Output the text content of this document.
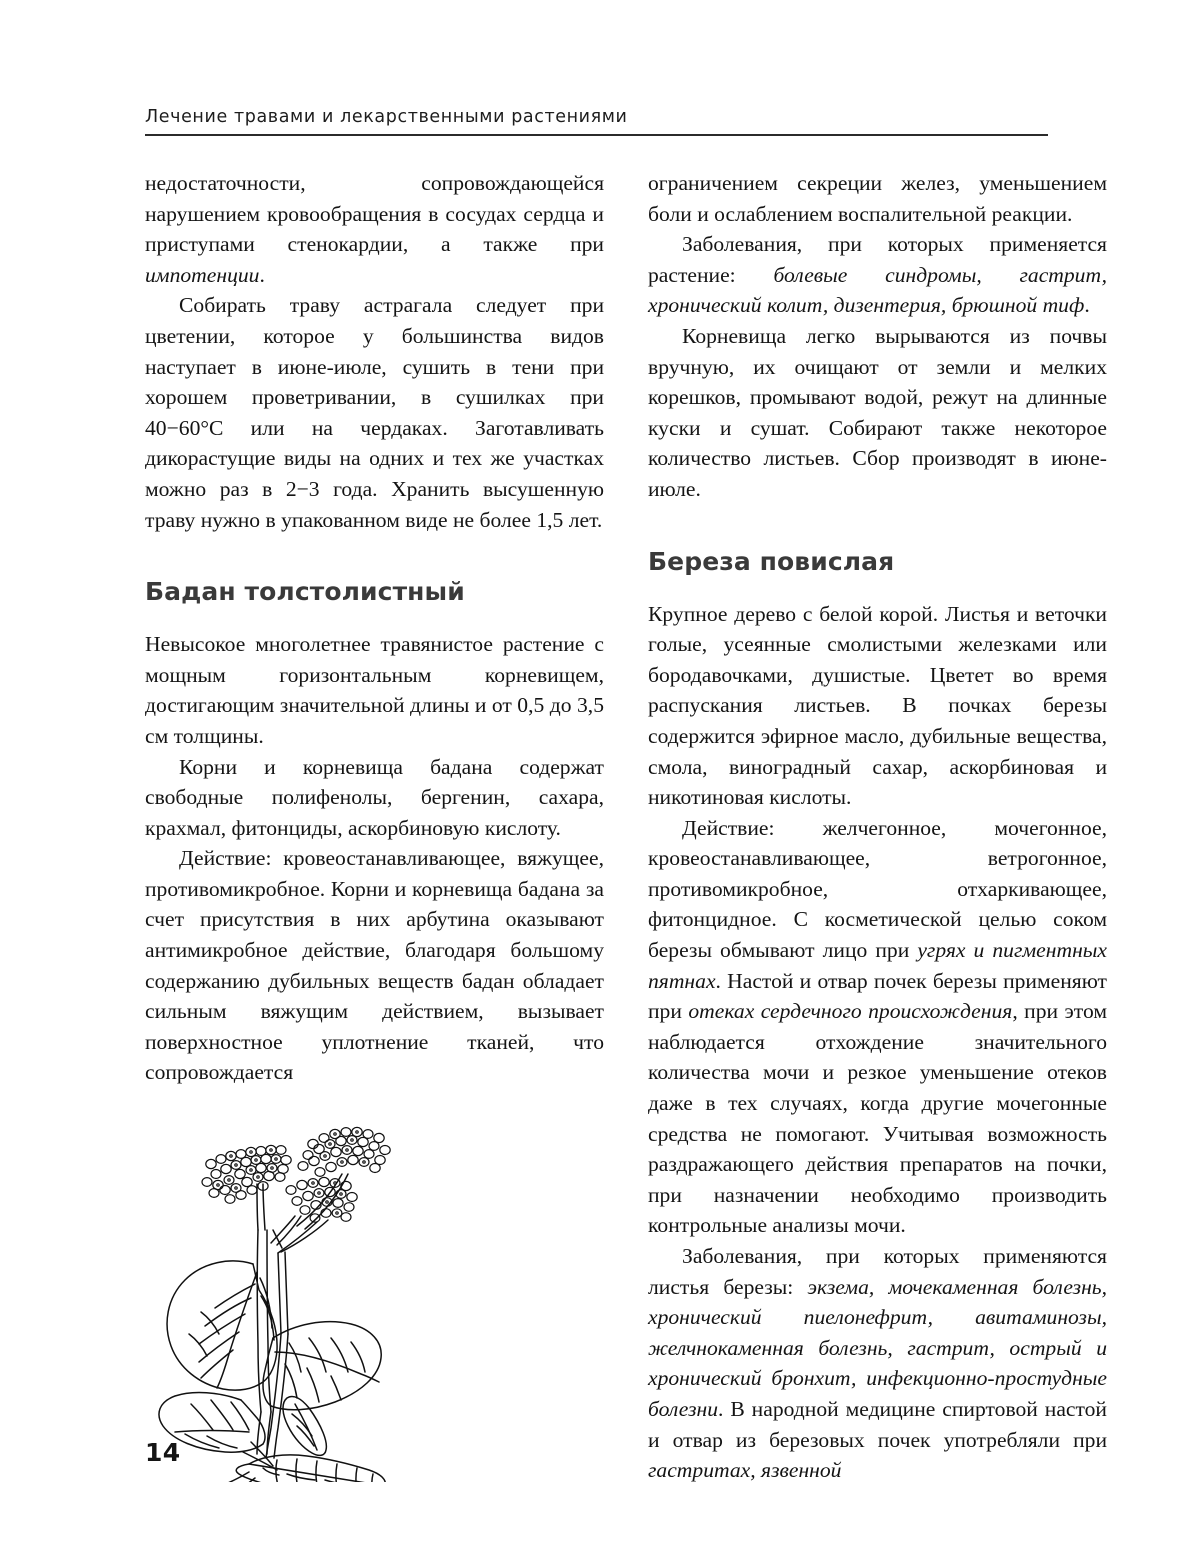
Лечение травами и лекарственными растениями

недостаточности, сопровождающейся нарушением кровообращения в сосудах сердца и приступами стенокардии, а также при импотенции.

Собирать траву астрагала следует при цветении, которое у большинства видов наступает в июне-июле, сушить в тени при хорошем проветривании, в сушилках при 40−60°С или на чердаках. Заготавливать дикорастущие виды на одних и тех же участках можно раз в 2−3 года. Хранить высушенную траву нужно в упакованном виде не более 1,5 лет.

Бадан толстолистный

Невысокое многолетнее травянистое растение с мощным горизонтальным корневищем, достигающим значительной длины и от 0,5 до 3,5 см толщины.

Корни и корневища бадана содержат свободные полифенолы, бергенин, сахара, крахмал, фитонциды, аскорбиновую кислоту.

Действие: кровеостанавливающее, вяжущее, противомикробное. Корни и корневища бадана за счет присутствия в них арбутина оказывают антимикробное действие, благодаря большому содержанию дубильных веществ бадан обладает сильным вяжущим действием, вызывает поверхностное уплотнение тканей, что сопровождается

ограничением секреции желез, уменьшением боли и ослаблением воспалительной реакции.

Заболевания, при которых применяется растение: болевые синдромы, гастрит, хронический колит, дизентерия, брюшной тиф.

Корневища легко вырываются из почвы вручную, их очищают от земли и мелких корешков, промывают водой, режут на длинные куски и сушат. Собирают также некоторое количество листьев. Сбор производят в июне-июле.

Береза повислая

Крупное дерево с белой корой. Листья и веточки голые, усеянные смолистыми железками или бородавочками, душистые. Цветет во время распускания листьев. В почках березы содержится эфирное масло, дубильные вещества, смола, виноградный сахар, аскорбиновая и никотиновая кислоты.

Действие: желчегонное, мочегонное, кровеостанавливающее, ветрогонное, противомикробное, отхаркивающее, фитонцидное. С косметической целью соком березы обмывают лицо при угрях и пигментных пятнах. Настой и отвар почек березы применяют при отеках сердечного происхождения, при этом наблюдается отхождение значительного количества мочи и резкое уменьшение отеков даже в тех случаях, когда другие мочегонные средства не помогают. Учитывая возможность раздражающего действия препаратов на почки, при назначении необходимо производить контрольные анализы мочи.

Заболевания, при которых применяются листья березы: экзема, мочекаменная болезнь, хронический пиелонефрит, авитаминозы, желчнокаменная болезнь, гастрит, острый и хронический бронхит, инфекционно-простудные болезни. В народной медицине спиртовой настой и отвар из березовых почек употребляли при гастритах, язвенной

14
